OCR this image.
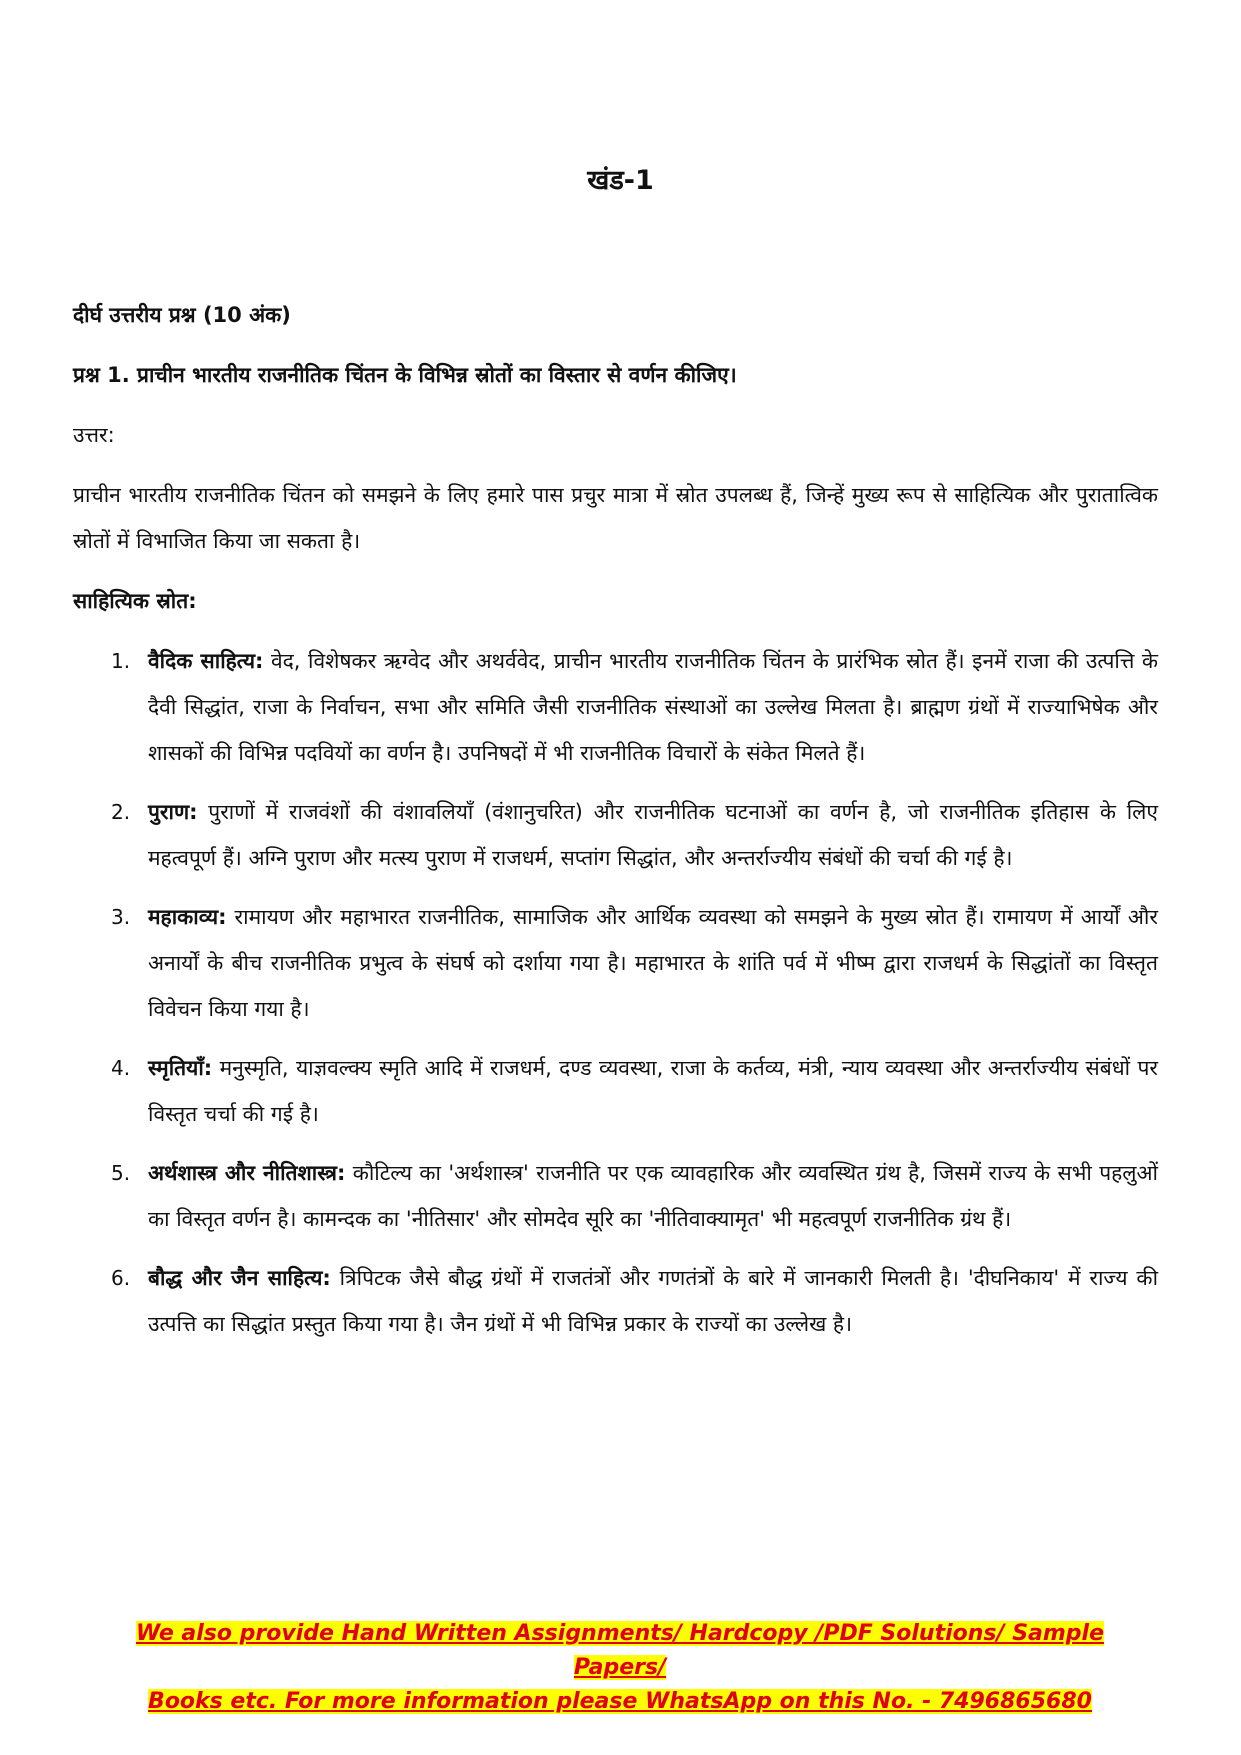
खंड-1

दीर्घ उत्तरीय प्रश्न (10 अंक)

प्रश्न 1. प्राचीन भारतीय राजनीतिक चिंतन के विभिन्न स्रोतों का विस्तार से वर्णन कीजिए।

उत्तर:

प्राचीन भारतीय राजनीतिक चिंतन को समझने के लिए हमारे पास प्रचुर मात्रा में स्रोत उपलब्ध हैं, जिन्हें मुख्य रूप से साहित्यिक और पुरातात्विक स्रोतों में विभाजित किया जा सकता है।

साहित्यिक स्रोत:

1. वैदिक साहित्य: वेद, विशेषकर ऋग्वेद और अथर्ववेद, प्राचीन भारतीय राजनीतिक चिंतन के प्रारंभिक स्रोत हैं। इनमें राजा की उत्पत्ति के दैवी सिद्धांत, राजा के निर्वाचन, सभा और समिति जैसी राजनीतिक संस्थाओं का उल्लेख मिलता है। ब्राह्मण ग्रंथों में राज्याभिषेक और शासकों की विभिन्न पदवियों का वर्णन है। उपनिषदों में भी राजनीतिक विचारों के संकेत मिलते हैं।
2. पुराण: पुराणों में राजवंशों की वंशावलियाँ (वंशानुचरित) और राजनीतिक घटनाओं का वर्णन है, जो राजनीतिक इतिहास के लिए महत्वपूर्ण हैं। अग्नि पुराण और मत्स्य पुराण में राजधर्म, सप्तांग सिद्धांत, और अन्तर्राज्यीय संबंधों की चर्चा की गई है।
3. महाकाव्य: रामायण और महाभारत राजनीतिक, सामाजिक और आर्थिक व्यवस्था को समझने के मुख्य स्रोत हैं। रामायण में आर्यों और अनार्यों के बीच राजनीतिक प्रभुत्व के संघर्ष को दर्शाया गया है। महाभारत के शांति पर्व में भीष्म द्वारा राजधर्म के सिद्धांतों का विस्तृत विवेचन किया गया है।
4. स्मृतियाँ: मनुस्मृति, याज्ञवल्क्य स्मृति आदि में राजधर्म, दण्ड व्यवस्था, राजा के कर्तव्य, मंत्री, न्याय व्यवस्था और अन्तर्राज्यीय संबंधों पर विस्तृत चर्चा की गई है।
5. अर्थशास्त्र और नीतिशास्त्र: कौटिल्य का 'अर्थशास्त्र' राजनीति पर एक व्यावहारिक और व्यवस्थित ग्रंथ है, जिसमें राज्य के सभी पहलुओं का विस्तृत वर्णन है। कामन्दक का 'नीतिसार' और सोमदेव सूरि का 'नीतिवाक्यामृत' भी महत्वपूर्ण राजनीतिक ग्रंथ हैं।
6. बौद्ध और जैन साहित्य: त्रिपिटक जैसे बौद्ध ग्रंथों में राजतंत्रों और गणतंत्रों के बारे में जानकारी मिलती है। 'दीघनिकाय' में राज्य की उत्पत्ति का सिद्धांत प्रस्तुत किया गया है। जैन ग्रंथों में भी विभिन्न प्रकार के राज्यों का उल्लेख है।
We also provide Hand Written Assignments/ Hardcopy /PDF Solutions/ Sample Papers/
Books etc. For more information please WhatsApp on this No. - 7496865680
